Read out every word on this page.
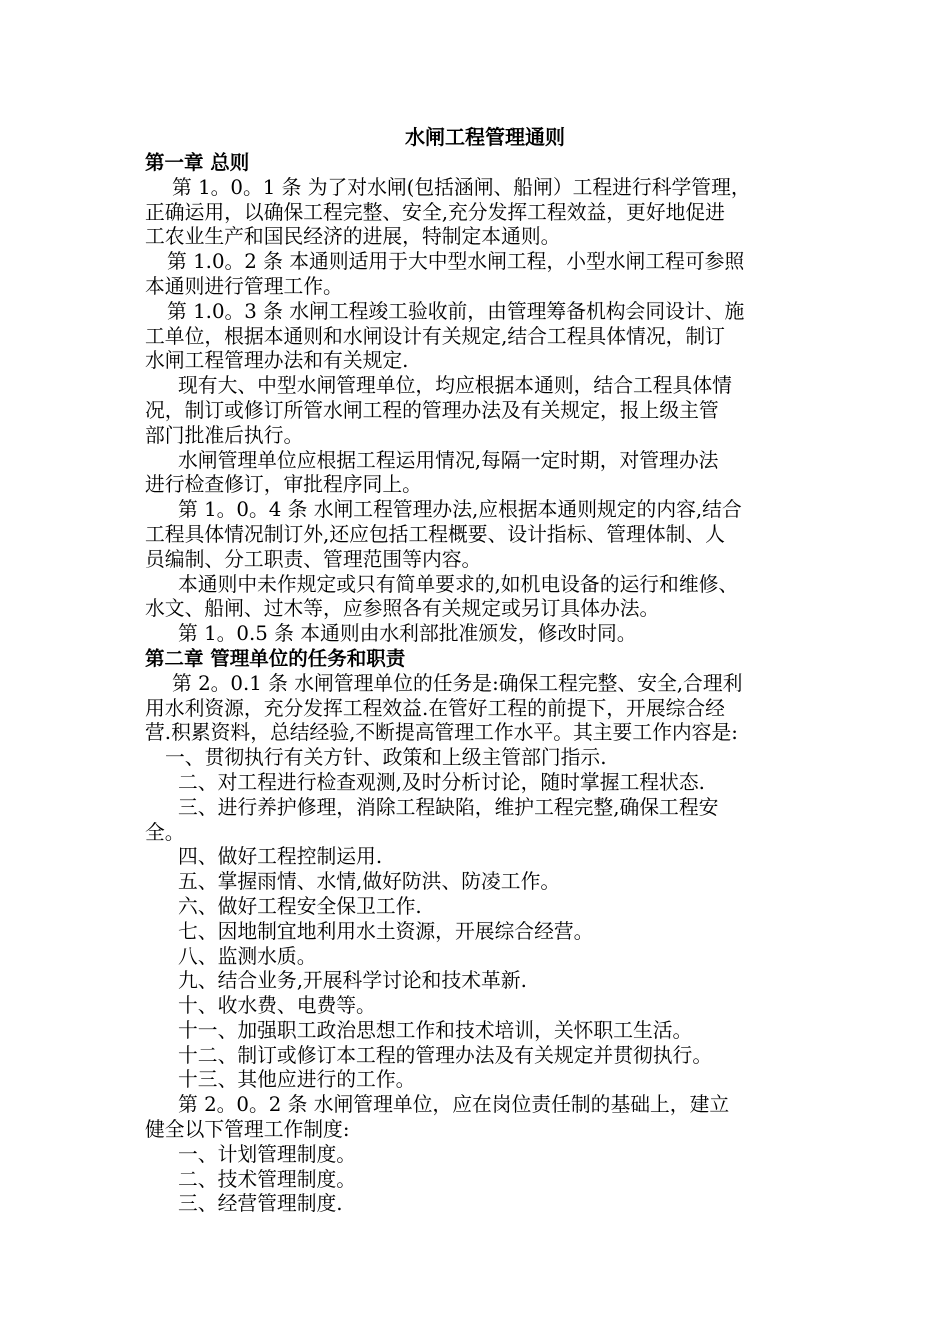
水闸工程管理通则
第一章 总则
第 1。0。1 条 为了对水闸(包括涵闸、船闸）工程进行科学管理，
正确运用，以确保工程完整、安全,充分发挥工程效益，更好地促进
工农业生产和国民经济的进展，特制定本通则。
第 1.0。2 条 本通则适用于大中型水闸工程，小型水闸工程可参照
本通则进行管理工作。
第 1.0。3 条 水闸工程竣工验收前，由管理筹备机构会同设计、施
工单位，根据本通则和水闸设计有关规定,结合工程具体情况，制订
水闸工程管理办法和有关规定.
现有大、中型水闸管理单位，均应根据本通则，结合工程具体情
况，制订或修订所管水闸工程的管理办法及有关规定，报上级主管
部门批准后执行。
水闸管理单位应根据工程运用情况,每隔一定时期，对管理办法
进行检查修订，审批程序同上。
第 1。0。4 条 水闸工程管理办法,应根据本通则规定的内容,结合
工程具体情况制订外,还应包括工程概要、设计指标、管理体制、人
员编制、分工职责、管理范围等内容。
本通则中未作规定或只有简单要求的,如机电设备的运行和维修、
水文、船闸、过木等，应参照各有关规定或另订具体办法。
第 1。0.5 条 本通则由水利部批准颁发，修改时同。
第二章 管理单位的任务和职责
第 2。0.1 条 水闸管理单位的任务是:确保工程完整、安全,合理利
用水利资源，充分发挥工程效益.在管好工程的前提下，开展综合经
营.积累资料，总结经验,不断提高管理工作水平。其主要工作内容是:
一、贯彻执行有关方针、政策和上级主管部门指示.
二、对工程进行检查观测,及时分析讨论，随时掌握工程状态.
三、进行养护修理，消除工程缺陷，维护工程完整,确保工程安
全。
四、做好工程控制运用.
五、掌握雨情、水情,做好防洪、防凌工作。
六、做好工程安全保卫工作.
七、因地制宜地利用水土资源，开展综合经营。
八、监测水质。
九、结合业务,开展科学讨论和技术革新.
十、收水费、电费等。
十一、加强职工政治思想工作和技术培训，关怀职工生活。
十二、制订或修订本工程的管理办法及有关规定并贯彻执行。
十三、其他应进行的工作。
第 2。0。2 条 水闸管理单位，应在岗位责任制的基础上，建立
健全以下管理工作制度:
一、计划管理制度。
二、技术管理制度。
三、经营管理制度.
